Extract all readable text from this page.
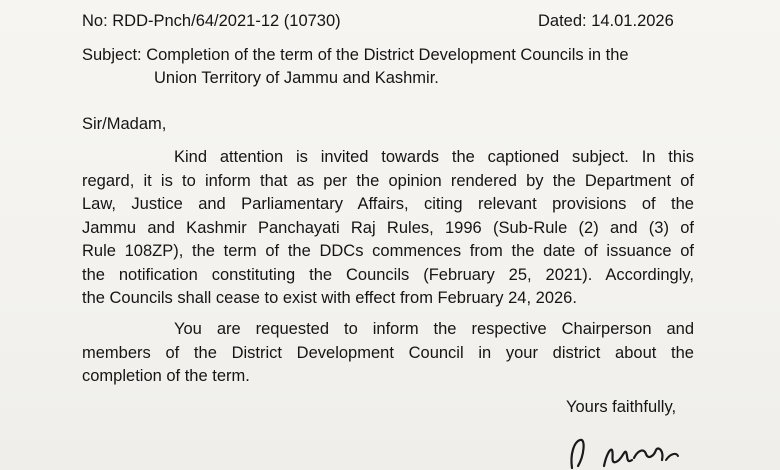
No: RDD-Pnch/64/2021-12 (10730)	Dated: 14.01.2026
Subject: Completion of the term of the District Development Councils in the
Union Territory of Jammu and Kashmir.
Sir/Madam,
Kind attention is invited towards the captioned subject. In this
regard, it is to inform that as per the opinion rendered by the Department of
Law, Justice and Parliamentary Affairs, citing relevant provisions of the
Jammu and Kashmir Panchayati Raj Rules, 1996 (Sub-Rule (2) and (3) of
Rule 108ZP), the term of the DDCs commences from the date of issuance of
the notification constituting the Councils (February 25, 2021). Accordingly,
the Councils shall cease to exist with effect from February 24, 2026.
You are requested to inform the respective Chairperson and
members of the District Development Council in your district about the
completion of the term.
Yours faithfully,
